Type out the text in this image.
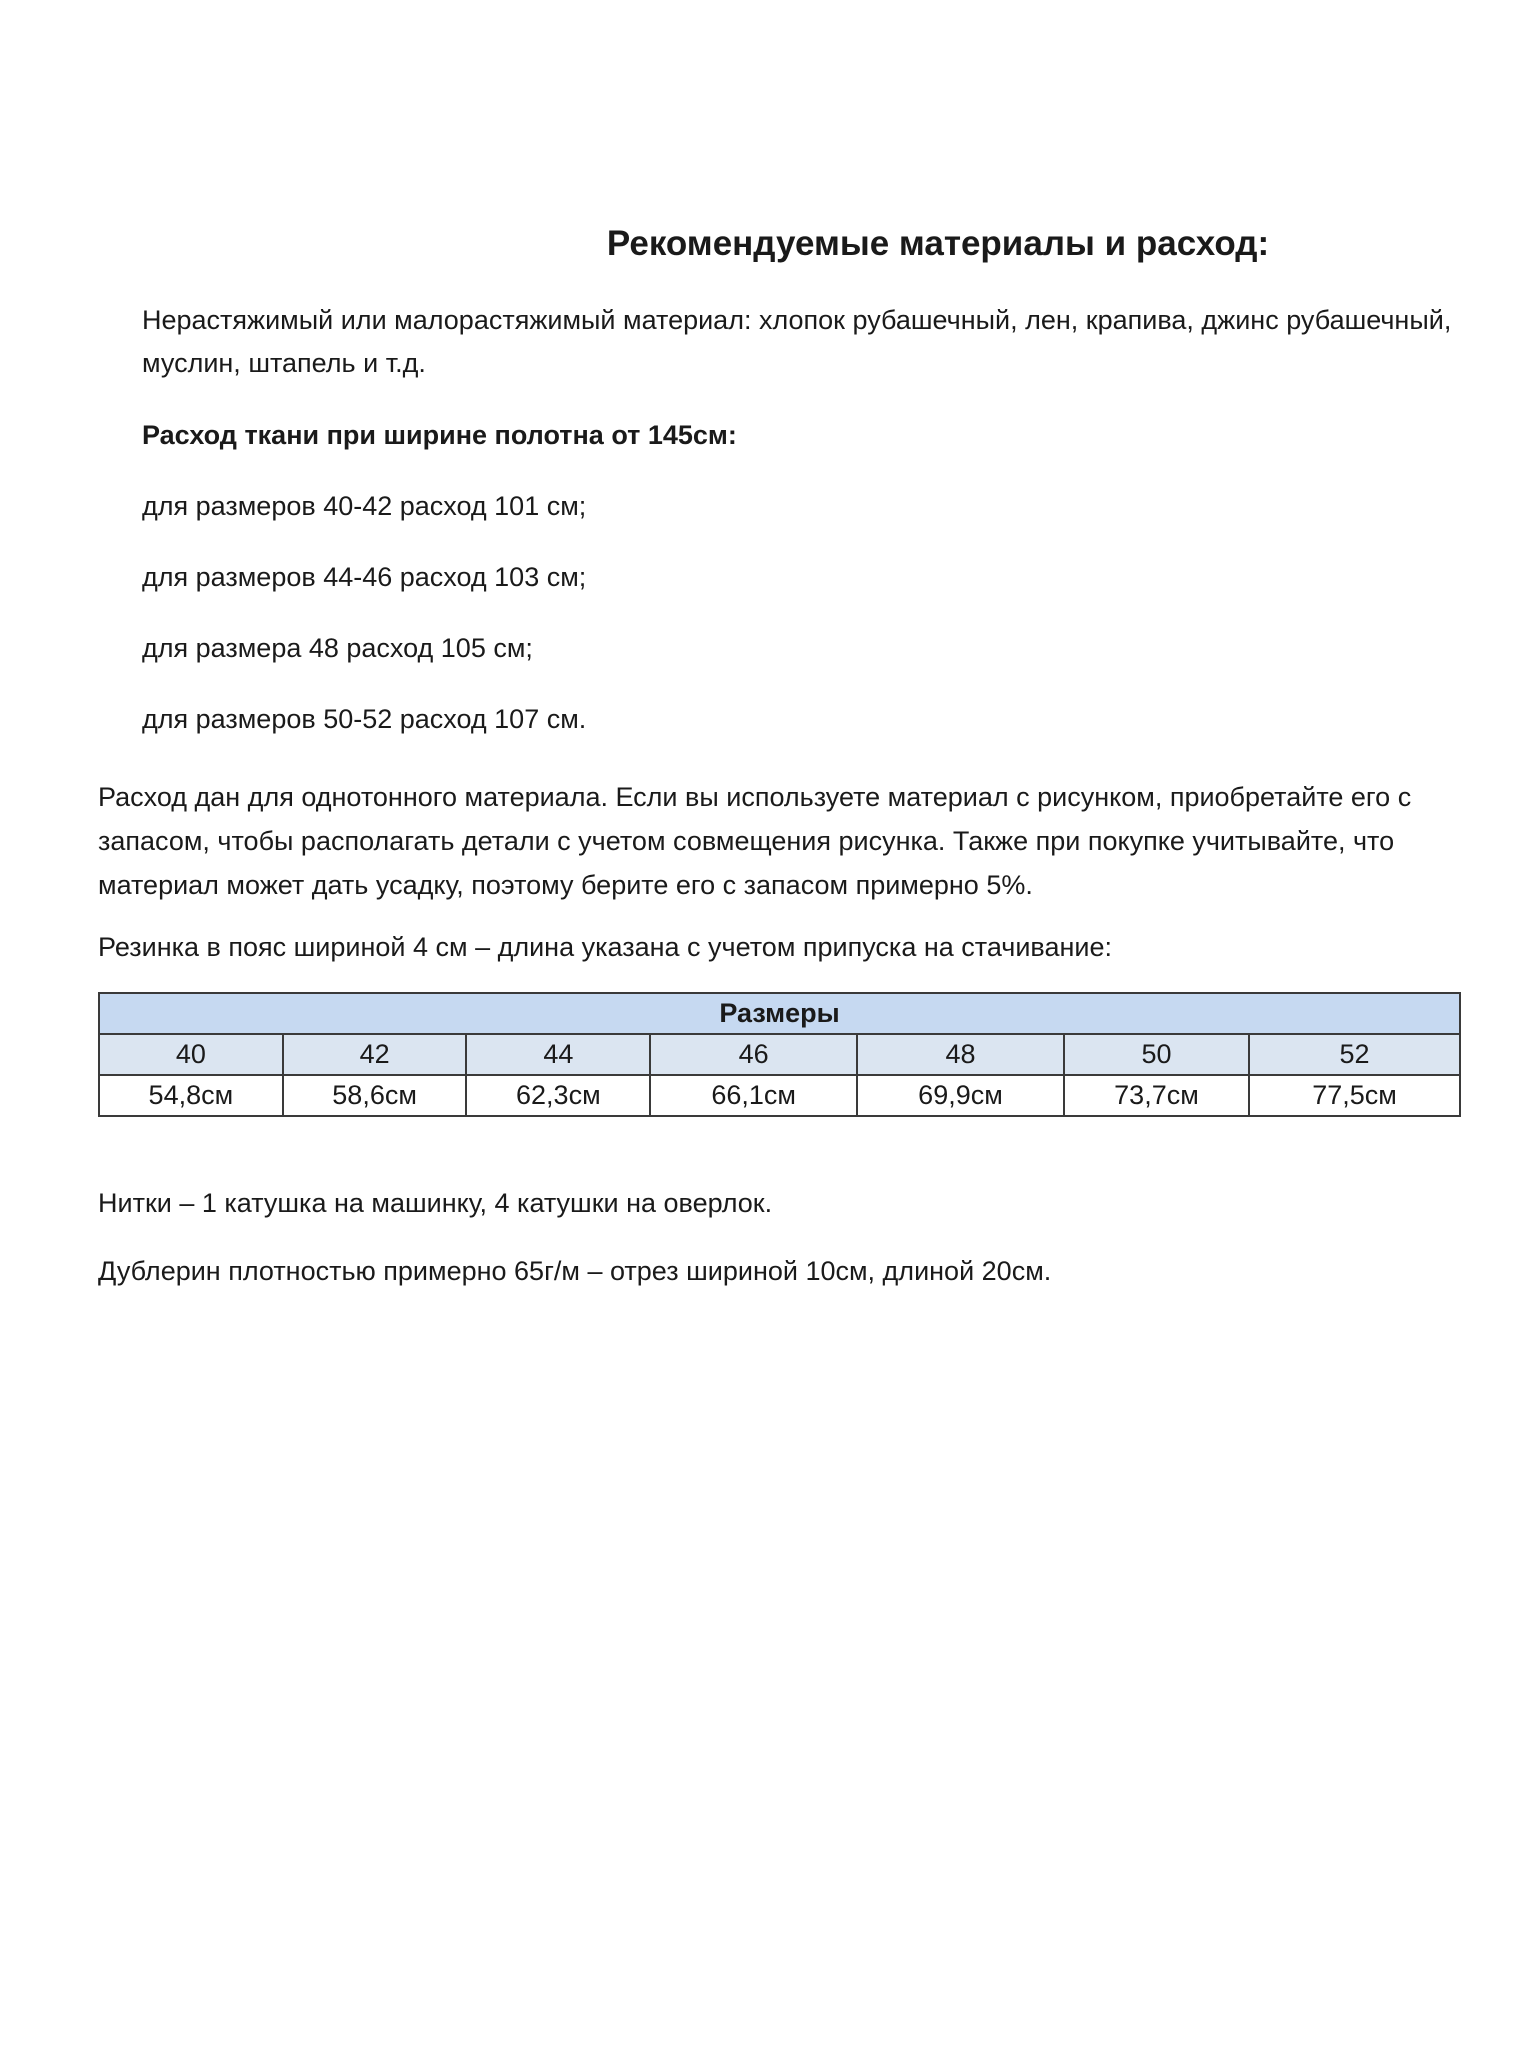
Рекомендуемые материалы и расход:

Нерастяжимый или малорастяжимый материал: хлопок рубашечный, лен, крапива, джинс рубашечный, муслин, штапель и т.д.

Расход ткани при ширине полотна от 145см:

для размеров 40-42 расход 101 см;

для размеров 44-46 расход 103 см;

для размера 48 расход 105 см;

для размеров 50-52 расход 107 см.

Расход дан для однотонного материала. Если вы используете материал с рисунком, приобретайте его с запасом, чтобы располагать детали с учетом совмещения рисунка. Также при покупке учитывайте, что материал может дать усадку, поэтому берите его с запасом примерно 5%.

Резинка в пояс шириной 4 см – длина указана с учетом припуска на стачивание:

Размеры						
40	42	44	46	48	50	52
54,8см	58,6см	62,3см	66,1см	69,9см	73,7см	77,5см

Нитки – 1 катушка на машинку, 4 катушки на оверлок.

Дублерин плотностью примерно 65г/м – отрез шириной 10см, длиной 20см.
